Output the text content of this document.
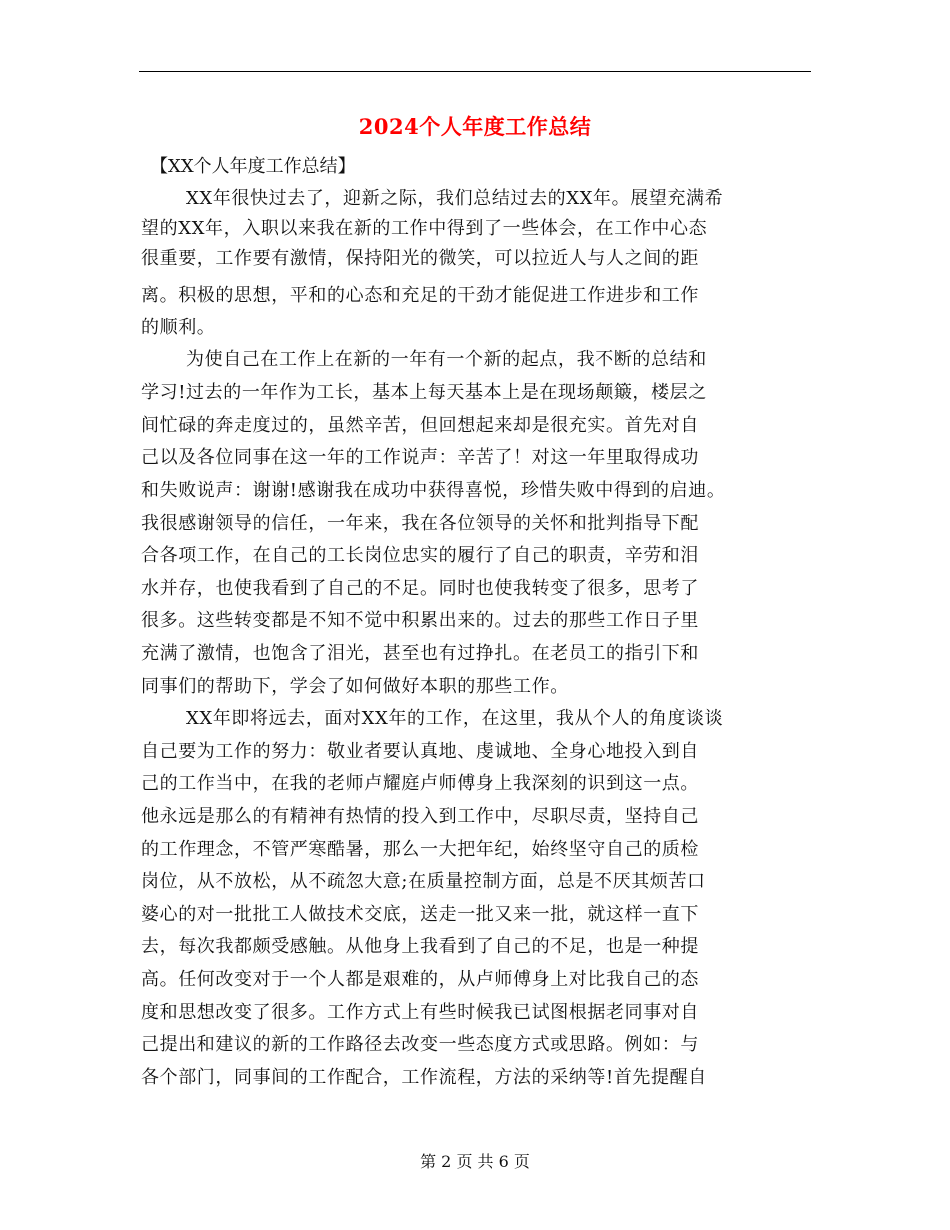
2024个人年度工作总结
【XX个人年度工作总结】
XX年很快过去了，迎新之际，我们总结过去的XX年。展望充满希
望的XX年，入职以来我在新的工作中得到了一些体会，在工作中心态
很重要，工作要有激情，保持阳光的微笑，可以拉近人与人之间的距
离。积极的思想，平和的心态和充足的干劲才能促进工作进步和工作
的顺利。
为使自己在工作上在新的一年有一个新的起点，我不断的总结和
学习!过去的一年作为工长，基本上每天基本上是在现场颠簸，楼层之
间忙碌的奔走度过的，虽然辛苦，但回想起来却是很充实。首先对自
己以及各位同事在这一年的工作说声：辛苦了！对这一年里取得成功
和失败说声：谢谢!感谢我在成功中获得喜悦，珍惜失败中得到的启迪。
我很感谢领导的信任，一年来，我在各位领导的关怀和批判指导下配
合各项工作，在自己的工长岗位忠实的履行了自己的职责，辛劳和泪
水并存，也使我看到了自己的不足。同时也使我转变了很多，思考了
很多。这些转变都是不知不觉中积累出来的。过去的那些工作日子里
充满了激情，也饱含了泪光，甚至也有过挣扎。在老员工的指引下和
同事们的帮助下，学会了如何做好本职的那些工作。
XX年即将远去，面对XX年的工作，在这里，我从个人的角度谈谈
自己要为工作的努力：敬业者要认真地、虔诚地、全身心地投入到自
己的工作当中，在我的老师卢耀庭卢师傅身上我深刻的识到这一点。
他永远是那么的有精神有热情的投入到工作中，尽职尽责，坚持自己
的工作理念，不管严寒酷暑，那么一大把年纪，始终坚守自己的质检
岗位，从不放松，从不疏忽大意;在质量控制方面，总是不厌其烦苦口
婆心的对一批批工人做技术交底，送走一批又来一批，就这样一直下
去，每次我都颇受感触。从他身上我看到了自己的不足，也是一种提
高。任何改变对于一个人都是艰难的，从卢师傅身上对比我自己的态
度和思想改变了很多。工作方式上有些时候我已试图根据老同事对自
己提出和建议的新的工作路径去改变一些态度方式或思路。例如：与
各个部门，同事间的工作配合，工作流程，方法的采纳等!首先提醒自
第 2 页 共 6 页
